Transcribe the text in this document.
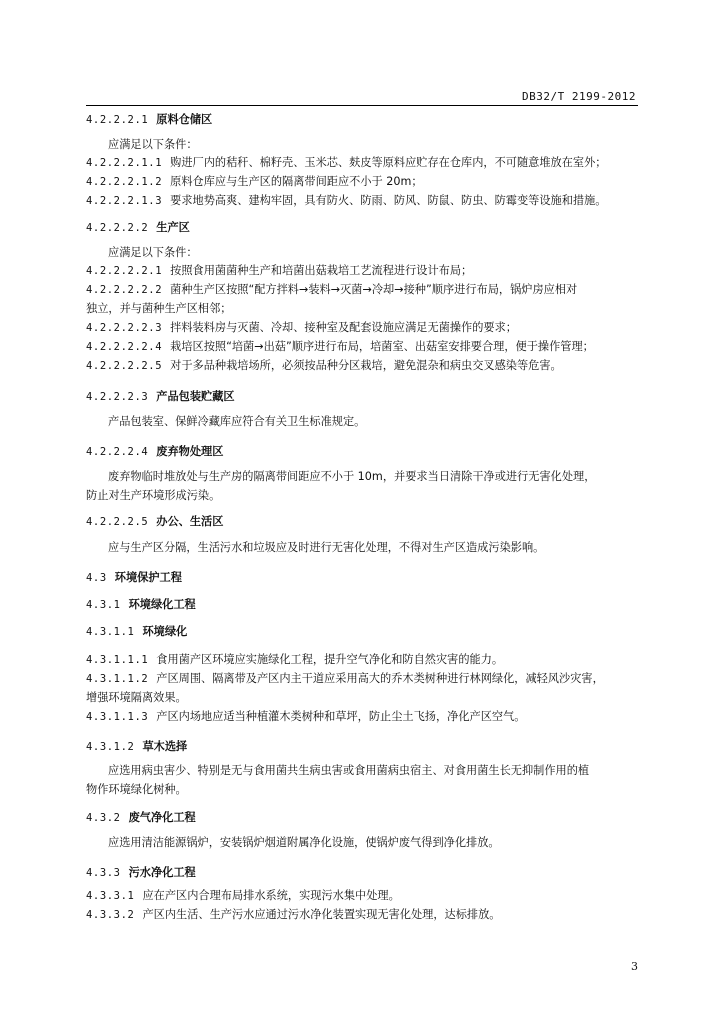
DB32/T 2199-2012
4.2.2.2.1 原料仓储区
应满足以下条件：
4.2.2.2.1.1 购进厂内的秸秆、棉籽壳、玉米芯、麸皮等原料应贮存在仓库内，不可随意堆放在室外；
4.2.2.2.1.2 原料仓库应与生产区的隔离带间距应不小于 20m；
4.2.2.2.1.3 要求地势高爽、建构牢固，具有防火、防雨、防风、防鼠、防虫、防霉变等设施和措施。
4.2.2.2.2 生产区
应满足以下条件：
4.2.2.2.2.1 按照食用菌菌种生产和培菌出菇栽培工艺流程进行设计布局；
4.2.2.2.2.2 菌种生产区按照“配方拌料→装料→灭菌→冷却→接种”顺序进行布局，锅炉房应相对
独立，并与菌种生产区相邻；
4.2.2.2.2.3 拌料装料房与灭菌、冷却、接种室及配套设施应满足无菌操作的要求；
4.2.2.2.2.4 栽培区按照“培菌→出菇”顺序进行布局，培菌室、出菇室安排要合理，便于操作管理；
4.2.2.2.2.5 对于多品种栽培场所，必须按品种分区栽培，避免混杂和病虫交叉感染等危害。
4.2.2.2.3 产品包装贮藏区
产品包装室、保鲜冷藏库应符合有关卫生标准规定。
4.2.2.2.4 废弃物处理区
废弃物临时堆放处与生产房的隔离带间距应不小于 10m，并要求当日清除干净或进行无害化处理，
防止对生产环境形成污染。
4.2.2.2.5 办公、生活区
应与生产区分隔，生活污水和垃圾应及时进行无害化处理，不得对生产区造成污染影响。
4.3 环境保护工程
4.3.1 环境绿化工程
4.3.1.1 环境绿化
4.3.1.1.1 食用菌产区环境应实施绿化工程，提升空气净化和防自然灾害的能力。
4.3.1.1.2 产区周围、隔离带及产区内主干道应采用高大的乔木类树种进行林网绿化，减轻风沙灾害，
增强环境隔离效果。
4.3.1.1.3 产区内场地应适当种植灌木类树种和草坪，防止尘土飞扬，净化产区空气。
4.3.1.2 草木选择
应选用病虫害少、特别是无与食用菌共生病虫害或食用菌病虫宿主、对食用菌生长无抑制作用的植
物作环境绿化树种。
4.3.2 废气净化工程
应选用清洁能源锅炉，安装锅炉烟道附属净化设施，使锅炉废气得到净化排放。
4.3.3 污水净化工程
4.3.3.1 应在产区内合理布局排水系统，实现污水集中处理。
4.3.3.2 产区内生活、生产污水应通过污水净化装置实现无害化处理，达标排放。
3
